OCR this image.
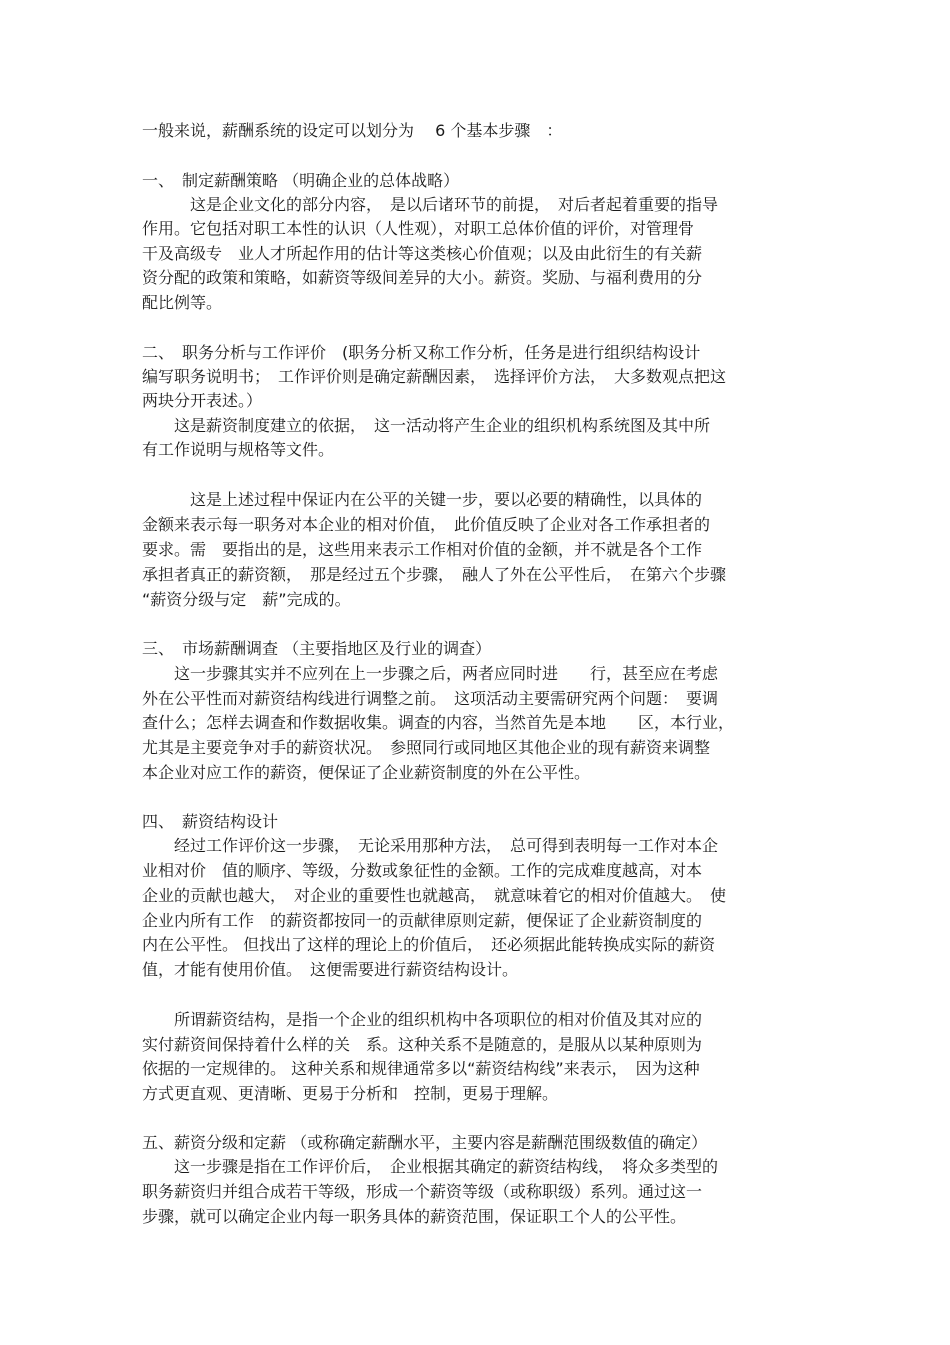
一般来说，薪酬系统的设定可以划分为　 6 个基本步骤　：
一、　制定薪酬策略 （明确企业的总体战略）
　　　这是企业文化的部分内容，　是以后诸环节的前提，　对后者起着重要的指导
作用。它包括对职工本性的认识（人性观），对职工总体价值的评价，对管理骨
干及高级专　业人才所起作用的估计等这类核心价值观；以及由此衍生的有关薪
资分配的政策和策略，如薪资等级间差异的大小。薪资。奖励、与福利费用的分
配比例等。
二、　职务分析与工作评价　(职务分析又称工作分析，任务是进行组织结构设计
编写职务说明书；　工作评价则是确定薪酬因素，　选择评价方法，　大多数观点把这
两块分开表述。）
　　这是薪资制度建立的依据，　这一活动将产生企业的组织机构系统图及其中所
有工作说明与规格等文件。
　　　这是上述过程中保证内在公平的关键一步，要以必要的精确性，以具体的
金额来表示每一职务对本企业的相对价值，　此价值反映了企业对各工作承担者的
要求。需　要指出的是，这些用来表示工作相对价值的金额，并不就是各个工作
承担者真正的薪资额，　那是经过五个步骤，　融人了外在公平性后，　在第六个步骤
“薪资分级与定　薪”完成的。
三、　市场薪酬调查 （主要指地区及行业的调查）
　　这一步骤其实并不应列在上一步骤之后，两者应同时进　　行，甚至应在考虑
外在公平性而对薪资结构线进行调整之前。　这项活动主要需研究两个问题：　要调
查什么；怎样去调查和作数据收集。调查的内容，当然首先是本地　　区，本行业，
尤其是主要竞争对手的薪资状况。　参照同行或同地区其他企业的现有薪资来调整
本企业对应工作的薪资，便保证了企业薪资制度的外在公平性。
四、　薪资结构设计
　　经过工作评价这一步骤，　无论采用那种方法，　总可得到表明每一工作对本企
业相对价　值的顺序、等级，分数或象征性的金额。工作的完成难度越高，对本
企业的贡献也越大，　对企业的重要性也就越高，　就意味着它的相对价值越大。　使
企业内所有工作　的薪资都按同一的贡献律原则定薪，便保证了企业薪资制度的
内在公平性。 但找出了这样的理论上的价值后，　还必须据此能转换成实际的薪资
值，才能有使用价值。　这便需要进行薪资结构设计。
　　所谓薪资结构，是指一个企业的组织机构中各项职位的相对价值及其对应的
实付薪资间保持着什么样的关　系。这种关系不是随意的，是服从以某种原则为
依据的一定规律的。 这种关系和规律通常多以“薪资结构线”来表示，　因为这种
方式更直观、更清晰、更易于分析和　控制，更易于理解。
五、薪资分级和定薪 （或称确定薪酬水平，主要内容是薪酬范围级数值的确定）
　　这一步骤是指在工作评价后，　企业根据其确定的薪资结构线，　将众多类型的
职务薪资归并组合成若干等级，形成一个薪资等级（或称职级）系列。通过这一
步骤，就可以确定企业内每一职务具体的薪资范围，保证职工个人的公平性。
